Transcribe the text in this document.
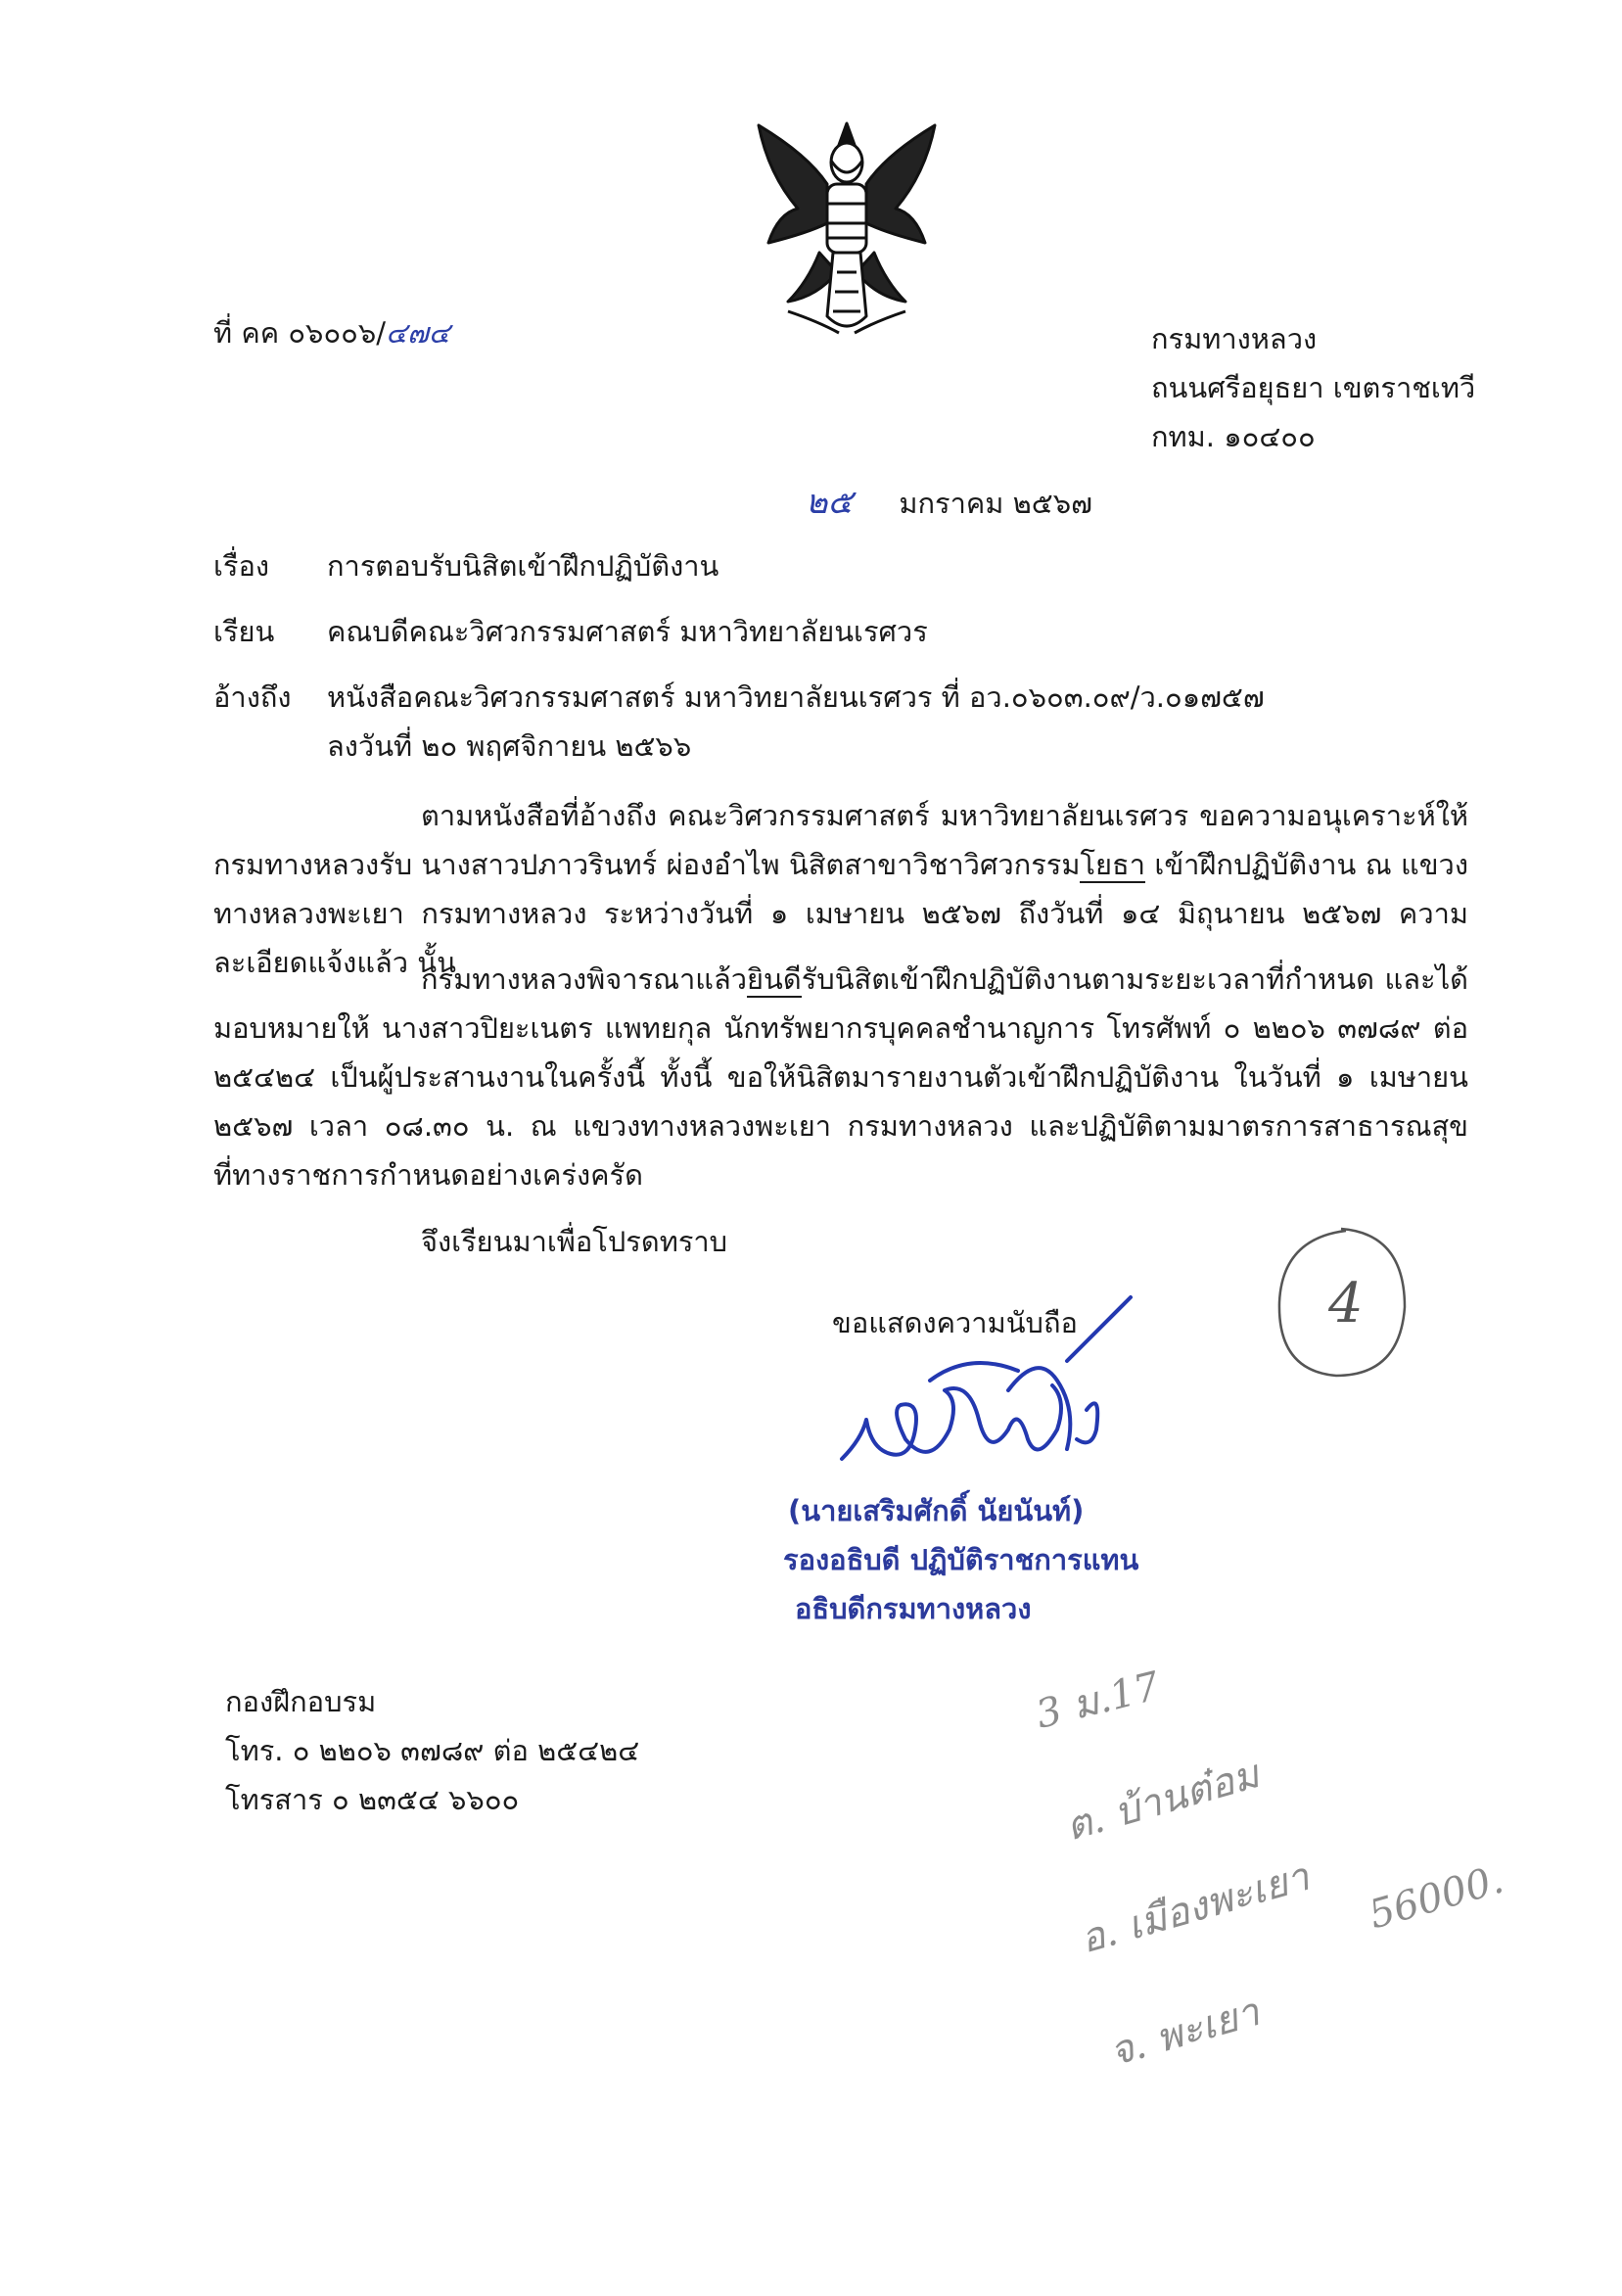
ที่ คค ๐๖๐๐๖/๔๗๔	กรมทางหลวง

ถนนศรีอยุธยา เขตราชเทวี

กทม. ๑๐๔๐๐

๒๕ มกราคม ๒๕๖๗

เรื่อง การตอบรับนิสิตเข้าฝึกปฏิบัติงาน

เรียน คณบดีคณะวิศวกรรมศาสตร์ มหาวิทยาลัยนเรศวร

อ้างถึง หนังสือคณะวิศวกรรมศาสตร์ มหาวิทยาลัยนเรศวร ที่ อว.๐๖๐๓.๐๙/ว.๐๑๗๕๗

ลงวันที่ ๒๐ พฤศจิกายน ๒๕๖๖

ตามหนังสือที่อ้างถึง คณะวิศวกรรมศาสตร์ มหาวิทยาลัยนเรศวร ขอความอนุเคราะห์ให้ กรมทางหลวงรับ นางสาวปภาวรินทร์ ผ่องอำไพ นิสิตสาขาวิชาวิศวกรรมโยธา เข้าฝึกปฏิบัติงาน ณ แขวงทางหลวงพะเยา กรมทางหลวง ระหว่างวันที่ ๑ เมษายน ๒๕๖๗ ถึงวันที่ ๑๔ มิถุนายน ๒๕๖๗ ความละเอียดแจ้งแล้ว นั้น

กรมทางหลวงพิจารณาแล้วยินดีรับนิสิตเข้าฝึกปฏิบัติงานตามระยะเวลาที่กำหนด และได้มอบหมายให้ นางสาวปิยะเนตร แพทยกุล นักทรัพยากรบุคคลชำนาญการ โทรศัพท์ ๐ ๒๒๐๖ ๓๗๘๙ ต่อ ๒๕๔๒๔ เป็นผู้ประสานงานในครั้งนี้ ทั้งนี้ ขอให้นิสิตมารายงานตัวเข้าฝึกปฏิบัติงาน ในวันที่ ๑ เมษายน ๒๕๖๗ เวลา ๐๘.๓๐ น. ณ แขวงทางหลวงพะเยา กรมทางหลวง และปฏิบัติตามมาตรการสาธารณสุขที่ทางราชการกำหนดอย่างเคร่งครัด

จึงเรียนมาเพื่อโปรดทราบ

ขอแสดงความนับถือ

(นายเสริมศักดิ์ นัยนันท์)

รองอธิบดี ปฏิบัติราชการแทน

อธิบดีกรมทางหลวง

กองฝึกอบรม

โทร. ๐ ๒๒๐๖ ๓๗๘๙ ต่อ ๒๕๔๒๔

โทรสาร ๐ ๒๓๕๔ ๖๖๐๐

4

3 ม.17

ต. บ้านต๋อม

อ. เมืองพะเยา 56000.

จ. พะเยา
